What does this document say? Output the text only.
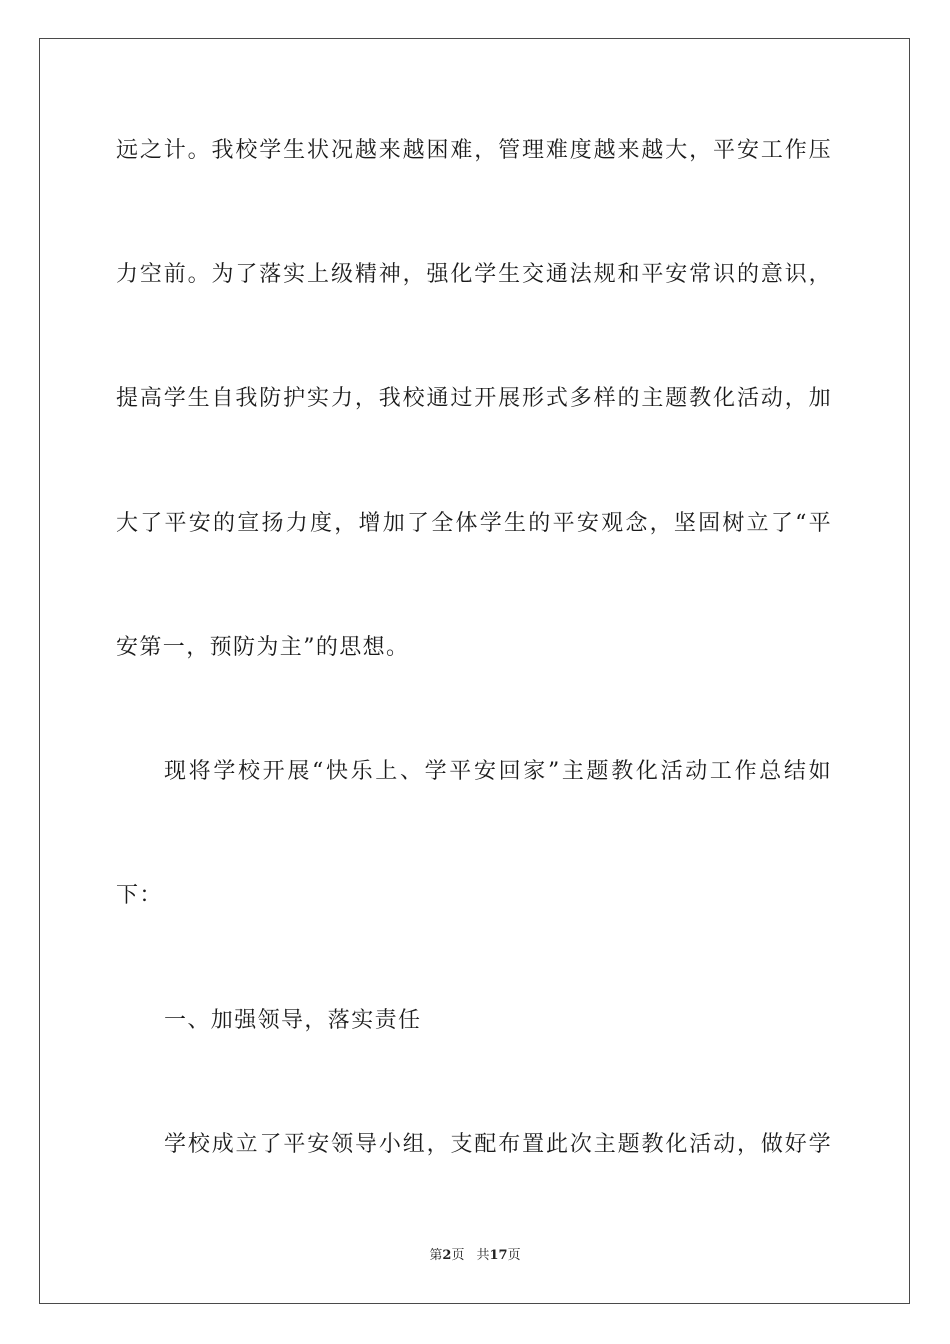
远之计。我校学生状况越来越困难，管理难度越来越大，平安工作压

力空前。为了落实上级精神，强化学生交通法规和平安常识的意识，

提高学生自我防护实力，我校通过开展形式多样的主题教化活动，加

大了平安的宣扬力度，增加了全体学生的平安观念，坚固树立了“平

安第一，预防为主”的思想。

现将学校开展“快乐上、学平安回家”主题教化活动工作总结如

下：

一、加强领导，落实责任

学校成立了平安领导小组，支配布置此次主题教化活动，做好学

第2页 共17页
